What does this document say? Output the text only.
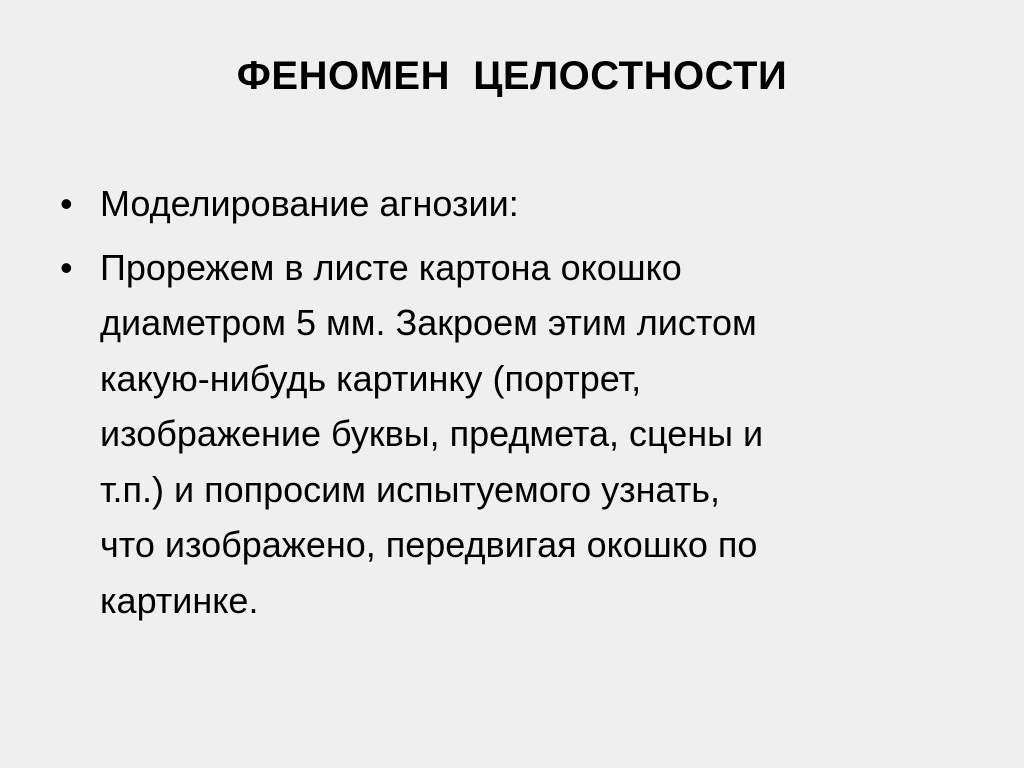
ФЕНОМЕН  ЦЕЛОСТНОСТИ
• Моделирование агнозии:
• Прорежем в листе картона окошко
диаметром 5 мм. Закроем этим листом
какую-нибудь картинку (портрет,
изображение буквы, предмета, сцены и
т.п.) и попросим испытуемого узнать,
что изображено, передвигая окошко по
картинке.
